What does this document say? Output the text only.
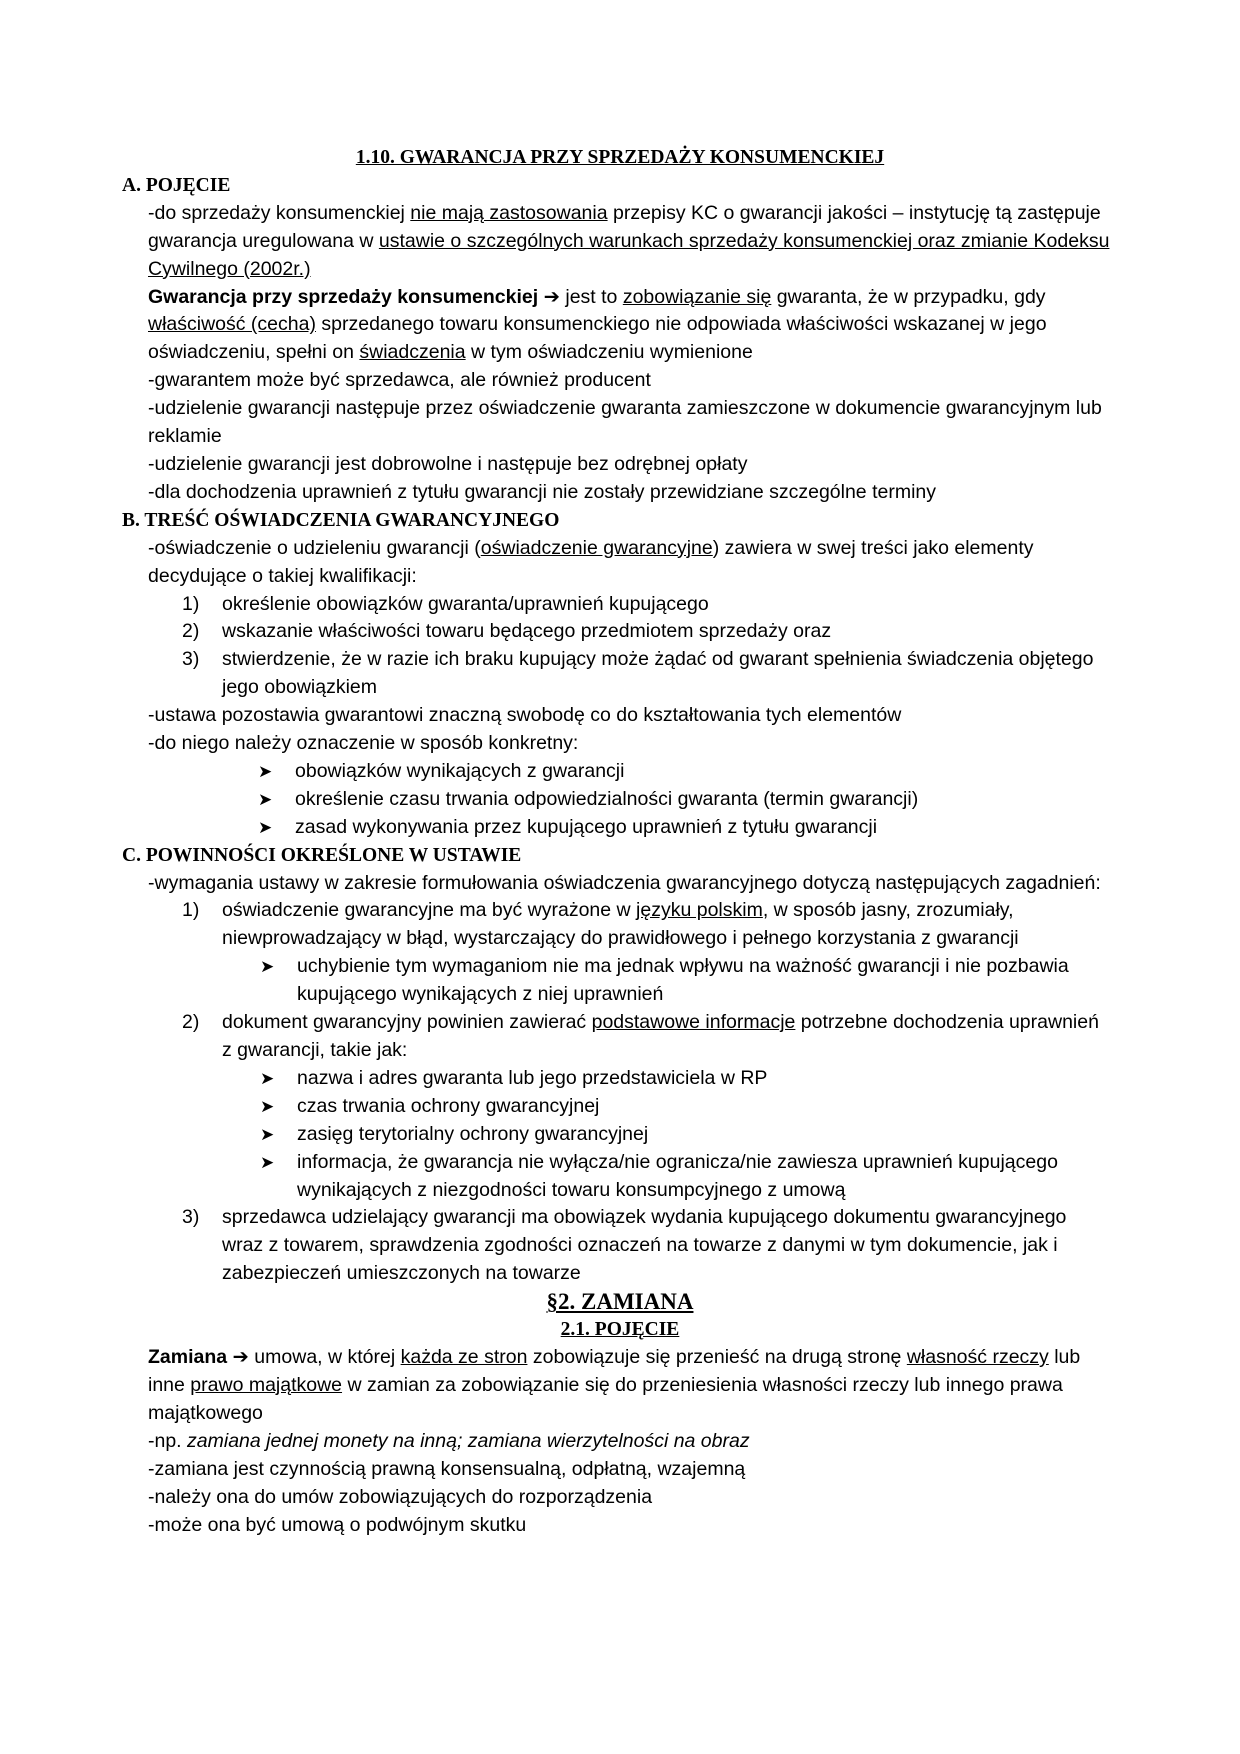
1.10. GWARANCJA PRZY SPRZEDAŻY KONSUMENCKIEJ
A. POJĘCIE
-do sprzedaży konsumenckiej nie mają zastosowania przepisy KC o gwarancji jakości – instytucję tą zastępuje gwarancja uregulowana w ustawie o szczególnych warunkach sprzedaży konsumenckiej oraz zmianie Kodeksu Cywilnego (2002r.)
Gwarancja przy sprzedaży konsumenckiej ➔ jest to zobowiązanie się gwaranta, że w przypadku, gdy właściwość (cecha) sprzedanego towaru konsumenckiego nie odpowiada właściwości wskazanej w jego oświadczeniu, spełni on świadczenia w tym oświadczeniu wymienione
-gwarantem może być sprzedawca, ale również producent
-udzielenie gwarancji następuje przez oświadczenie gwaranta zamieszczone w dokumencie gwarancyjnym lub reklamie
-udzielenie gwarancji jest dobrowolne i następuje bez odrębnej opłaty
-dla dochodzenia uprawnień z tytułu gwarancji nie zostały przewidziane szczególne terminy
B. TREŚĆ OŚWIADCZENIA GWARANCYJNEGO
-oświadczenie o udzieleniu gwarancji (oświadczenie gwarancyjne) zawiera w swej treści jako elementy decydujące o takiej kwalifikacji:
1) określenie obowiązków gwaranta/uprawnień kupującego
2) wskazanie właściwości towaru będącego przedmiotem sprzedaży oraz
3) stwierdzenie, że w razie ich braku kupujący może żądać od gwarant spełnienia świadczenia objętego jego obowiązkiem
-ustawa pozostawia gwarantowi znaczną swobodę co do kształtowania tych elementów
-do niego należy oznaczenie w sposób konkretny:
➤ obowiązków wynikających z gwarancji
➤ określenie czasu trwania odpowiedzialności gwaranta (termin gwarancji)
➤ zasad wykonywania przez kupującego uprawnień z tytułu gwarancji
C. POWINNOŚCI OKREŚLONE W USTAWIE
-wymagania ustawy w zakresie formułowania oświadczenia gwarancyjnego dotyczą następujących zagadnień:
1) oświadczenie gwarancyjne ma być wyrażone w języku polskim, w sposób jasny, zrozumiały, niewprowadzający w błąd, wystarczający do prawidłowego i pełnego korzystania z gwarancji
➤ uchybienie tym wymaganiom nie ma jednak wpływu na ważność gwarancji i nie pozbawia kupującego wynikających z niej uprawnień
2) dokument gwarancyjny powinien zawierać podstawowe informacje potrzebne dochodzenia uprawnień z gwarancji, takie jak:
➤ nazwa i adres gwaranta lub jego przedstawiciela w RP
➤ czas trwania ochrony gwarancyjnej
➤ zasięg terytorialny ochrony gwarancyjnej
➤ informacja, że gwarancja nie wyłącza/nie ogranicza/nie zawiesza uprawnień kupującego wynikających z niezgodności towaru konsumpcyjnego z umową
3) sprzedawca udzielający gwarancji ma obowiązek wydania kupującego dokumentu gwarancyjnego wraz z towarem, sprawdzenia zgodności oznaczeń na towarze z danymi w tym dokumencie, jak i zabezpieczeń umieszczonych na towarze
§2. ZAMIANA
2.1. POJĘCIE
Zamiana ➔ umowa, w której każda ze stron zobowiązuje się przenieść na drugą stronę własność rzeczy lub inne prawo majątkowe w zamian za zobowiązanie się do przeniesienia własności rzeczy lub innego prawa majątkowego
-np. zamiana jednej monety na inną; zamiana wierzytelności na obraz
-zamiana jest czynnością prawną konsensualną, odpłatną, wzajemną
-należy ona do umów zobowiązujących do rozporządzenia
-może ona być umową o podwójnym skutku
